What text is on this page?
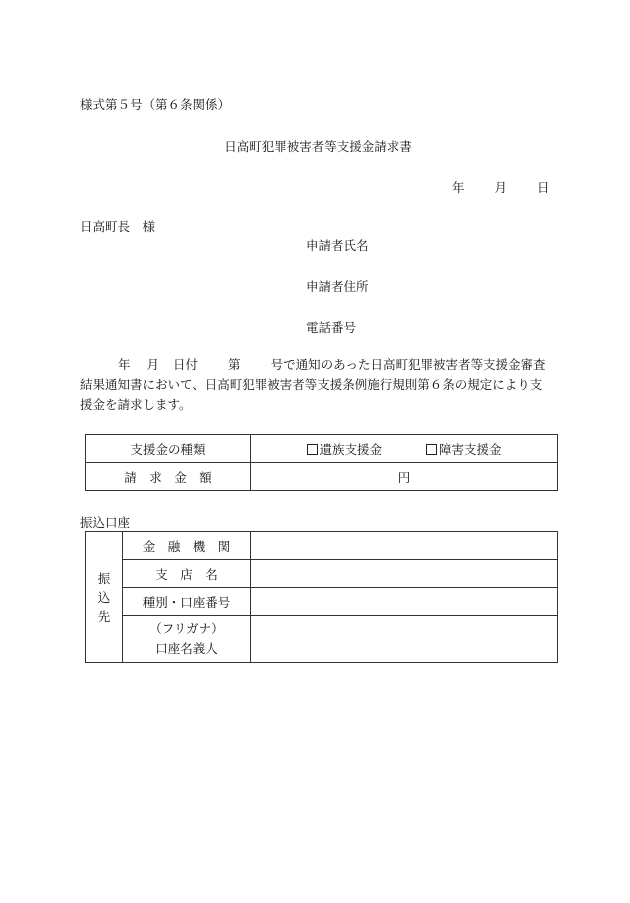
様式第５号（第６条関係）
日高町犯罪被害者等支援金請求書
年 月 日
日高町長　様
申請者氏名
申請者住所
電話番号
年 月 日付 第 号で通知のあった日高町犯罪被害者等支援金審査結果通知書において、日高町犯罪被害者等支援条例施行規則第６条の規定により支援金を請求します。
支援金の種類	遺族支援金 障害支援金
請　求　金　額	円
振込口座
振
込
先	金　融　機　関	
	支　店　名	
	種別・口座番号	

	（フリガナ）
口座名義人	
